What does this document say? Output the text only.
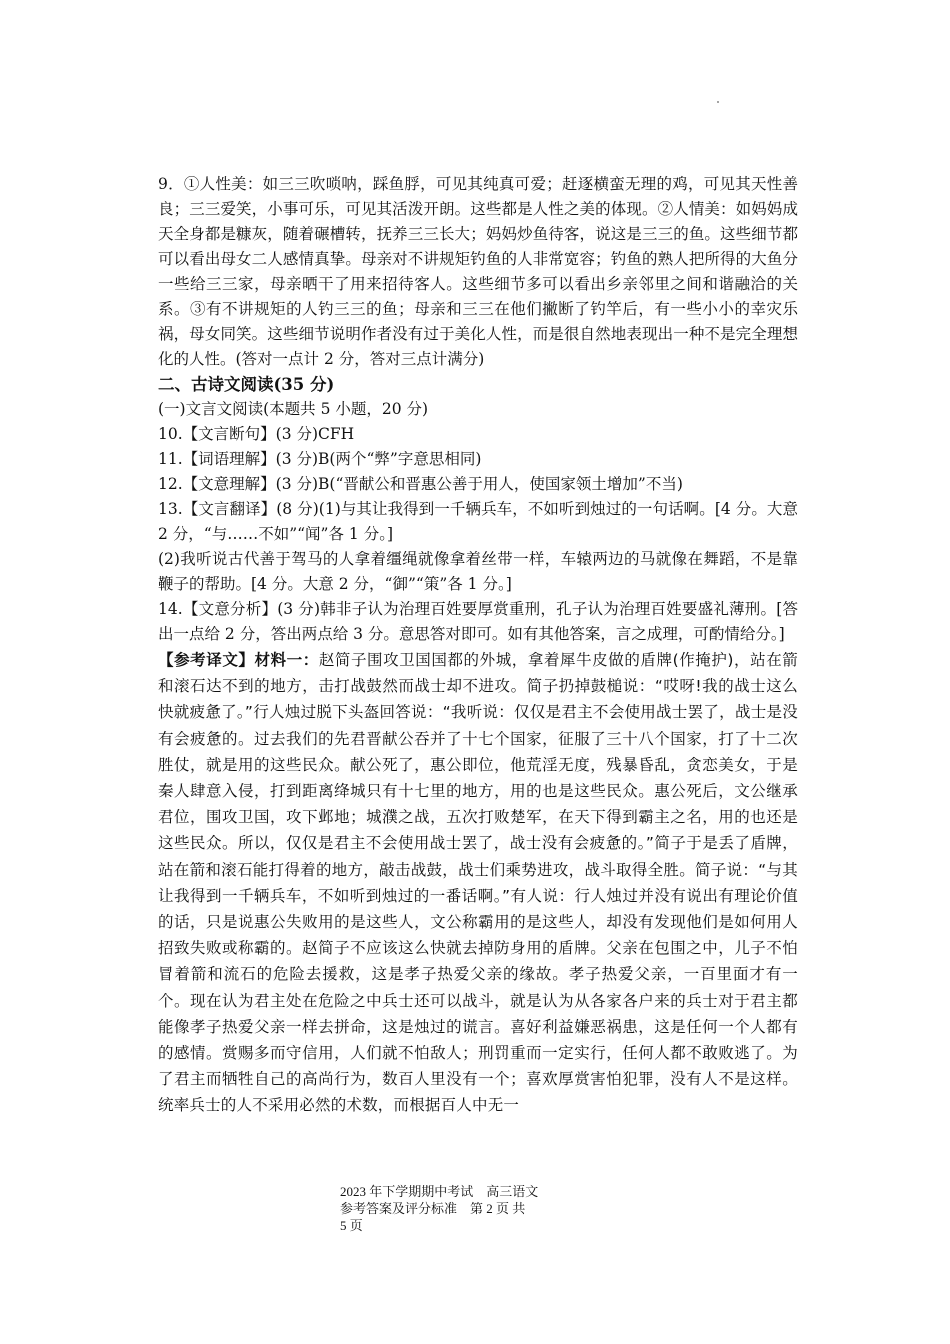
9．①人性美：如三三吹唢呐，踩鱼脬，可见其纯真可爱；赶逐横蛮无理的鸡，可见其天性善良；三三爱笑，小事可乐，可见其活泼开朗。这些都是人性之美的体现。②人情美：如妈妈成天全身都是糠灰，随着碾槽转，抚养三三长大；妈妈炒鱼待客，说这是三三的鱼。这些细节都可以看出母女二人感情真挚。母亲对不讲规矩钓鱼的人非常宽容；钓鱼的熟人把所得的大鱼分一些给三三家，母亲晒干了用来招待客人。这些细节多可以看出乡亲邻里之间和谐融洽的关系。③有不讲规矩的人钓三三的鱼；母亲和三三在他们撇断了钓竿后，有一些小小的幸灾乐祸，母女同笑。这些细节说明作者没有过于美化人性，而是很自然地表现出一种不是完全理想化的人性。(答对一点计 2 分，答对三点计满分)

二、古诗文阅读(35 分)

(一)文言文阅读(本题共 5 小题，20 分)

10.【文言断句】(3 分)CFH

11.【词语理解】(3 分)B(两个“弊”字意思相同)

12.【文意理解】(3 分)B(“晋献公和晋惠公善于用人，使国家领土增加”不当)

13.【文言翻译】(8 分)(1)与其让我得到一千辆兵车，不如听到烛过的一句话啊。[4 分。大意 2 分，“与……不如”“闻”各 1 分。]

(2)我听说古代善于驾马的人拿着缰绳就像拿着丝带一样，车辕两边的马就像在舞蹈，不是靠鞭子的帮助。[4 分。大意 2 分，“御”“策”各 1 分。]

14.【文意分析】(3 分)韩非子认为治理百姓要厚赏重刑，孔子认为治理百姓要盛礼薄刑。[答出一点给 2 分，答出两点给 3 分。意思答对即可。如有其他答案，言之成理，可酌情给分。]

【参考译文】材料一：赵简子围攻卫国国都的外城，拿着犀牛皮做的盾牌(作掩护)，站在箭和滚石达不到的地方，击打战鼓然而战士却不进攻。简子扔掉鼓槌说：“哎呀!我的战士这么快就疲惫了。”行人烛过脱下头盔回答说：“我听说：仅仅是君主不会使用战士罢了，战士是没有会疲惫的。过去我们的先君晋献公吞并了十七个国家，征服了三十八个国家，打了十二次胜仗，就是用的这些民众。献公死了，惠公即位，他荒淫无度，残暴昏乱，贪恋美女，于是秦人肆意入侵，打到距离绛城只有十七里的地方，用的也是这些民众。惠公死后，文公继承君位，围攻卫国，攻下邺地；城濮之战，五次打败楚军，在天下得到霸主之名，用的也还是这些民众。所以，仅仅是君主不会使用战士罢了，战士没有会疲惫的。”简子于是丢了盾牌，站在箭和滚石能打得着的地方，敲击战鼓，战士们乘势进攻，战斗取得全胜。简子说：“与其让我得到一千辆兵车，不如听到烛过的一番话啊。”有人说：行人烛过并没有说出有理论价值的话，只是说惠公失败用的是这些人，文公称霸用的是这些人，却没有发现他们是如何用人招致失败或称霸的。赵简子不应该这么快就去掉防身用的盾牌。父亲在包围之中，儿子不怕冒着箭和流石的危险去援救，这是孝子热爱父亲的缘故。孝子热爱父亲，一百里面才有一个。现在认为君主处在危险之中兵士还可以战斗，就是认为从各家各户来的兵士对于君主都能像孝子热爱父亲一样去拼命，这是烛过的谎言。喜好利益嫌恶祸患，这是任何一个人都有的感情。赏赐多而守信用，人们就不怕敌人；刑罚重而一定实行，任何人都不敢败逃了。为了君主而牺牲自己的高尚行为，数百人里没有一个；喜欢厚赏害怕犯罪，没有人不是这样。统率兵士的人不采用必然的术数，而根据百人中无一

2023 年下学期期中考试　高三语文
参考答案及评分标准　第 2 页 共
5 页
